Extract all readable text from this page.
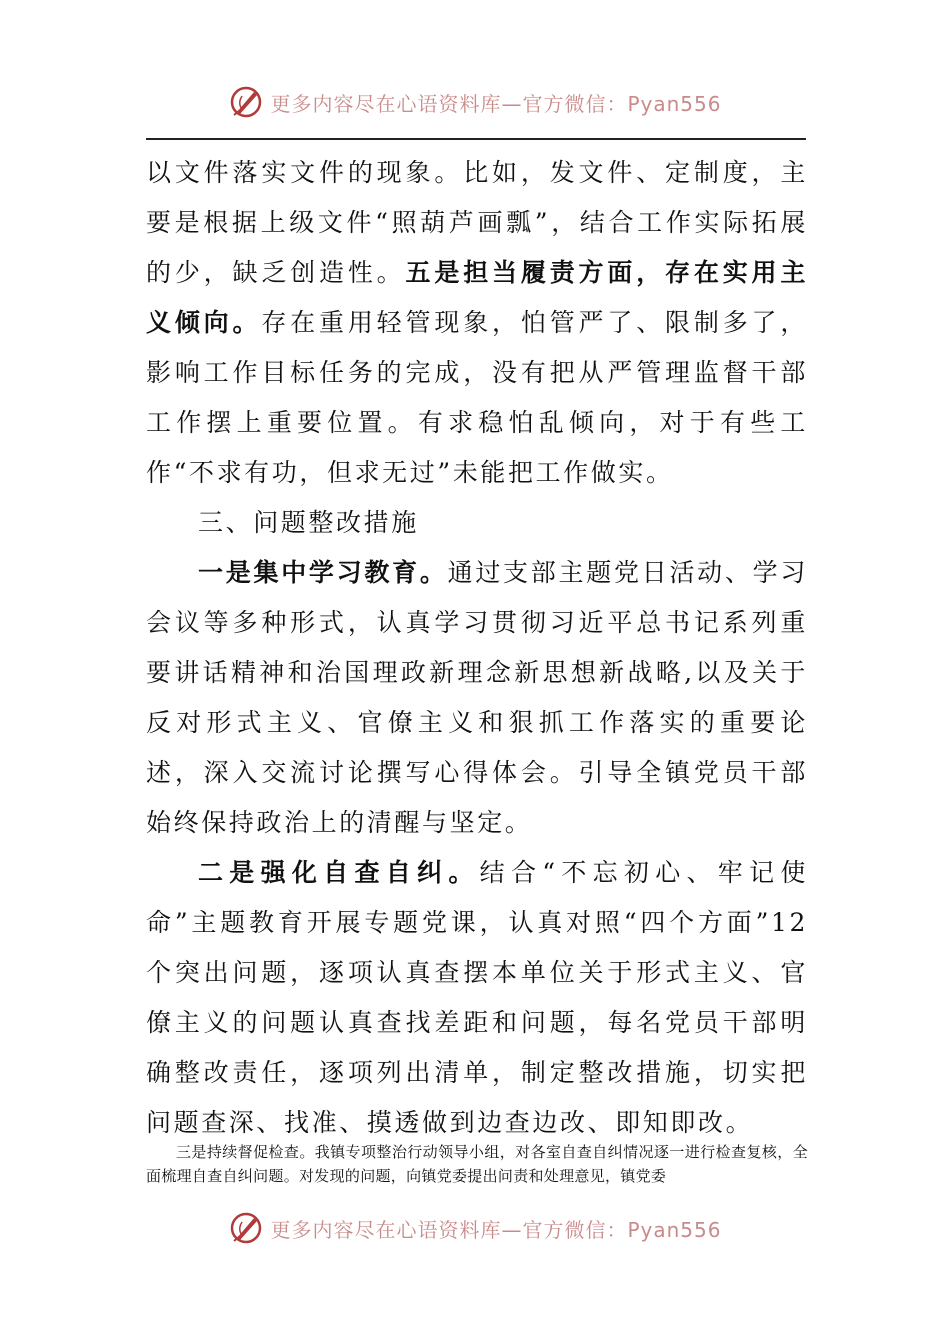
更多内容尽在心语资料库—官方微信：Pyan556

以文件落实文件的现象。比如，发文件、定制度，主要是根据上级文件“照葫芦画瓢”，结合工作实际拓展的少，缺乏创造性。五是担当履责方面，存在实用主义倾向。存在重用轻管现象，怕管严了、限制多了，影响工作目标任务的完成，没有把从严管理监督干部工作摆上重要位置。有求稳怕乱倾向，对于有些工作“不求有功，但求无过”未能把工作做实。

三、问题整改措施

一是集中学习教育。通过支部主题党日活动、学习会议等多种形式，认真学习贯彻习近平总书记系列重要讲话精神和治国理政新理念新思想新战略,以及关于反对形式主义、官僚主义和狠抓工作落实的重要论述，深入交流讨论撰写心得体会。引导全镇党员干部始终保持政治上的清醒与坚定。

二是强化自查自纠。结合“不忘初心、牢记使命”主题教育开展专题党课，认真对照“四个方面”12个突出问题，逐项认真查摆本单位关于形式主义、官僚主义的问题认真查找差距和问题，每名党员干部明确整改责任，逐项列出清单，制定整改措施，切实把问题查深、找准、摸透做到边查边改、即知即改。

三是持续督促检查。我镇专项整治行动领导小组，对各室自查自纠情况逐一进行检查复核，全面梳理自查自纠问题。对发现的问题，向镇党委提出问责和处理意见，镇党委

更多内容尽在心语资料库—官方微信：Pyan556
